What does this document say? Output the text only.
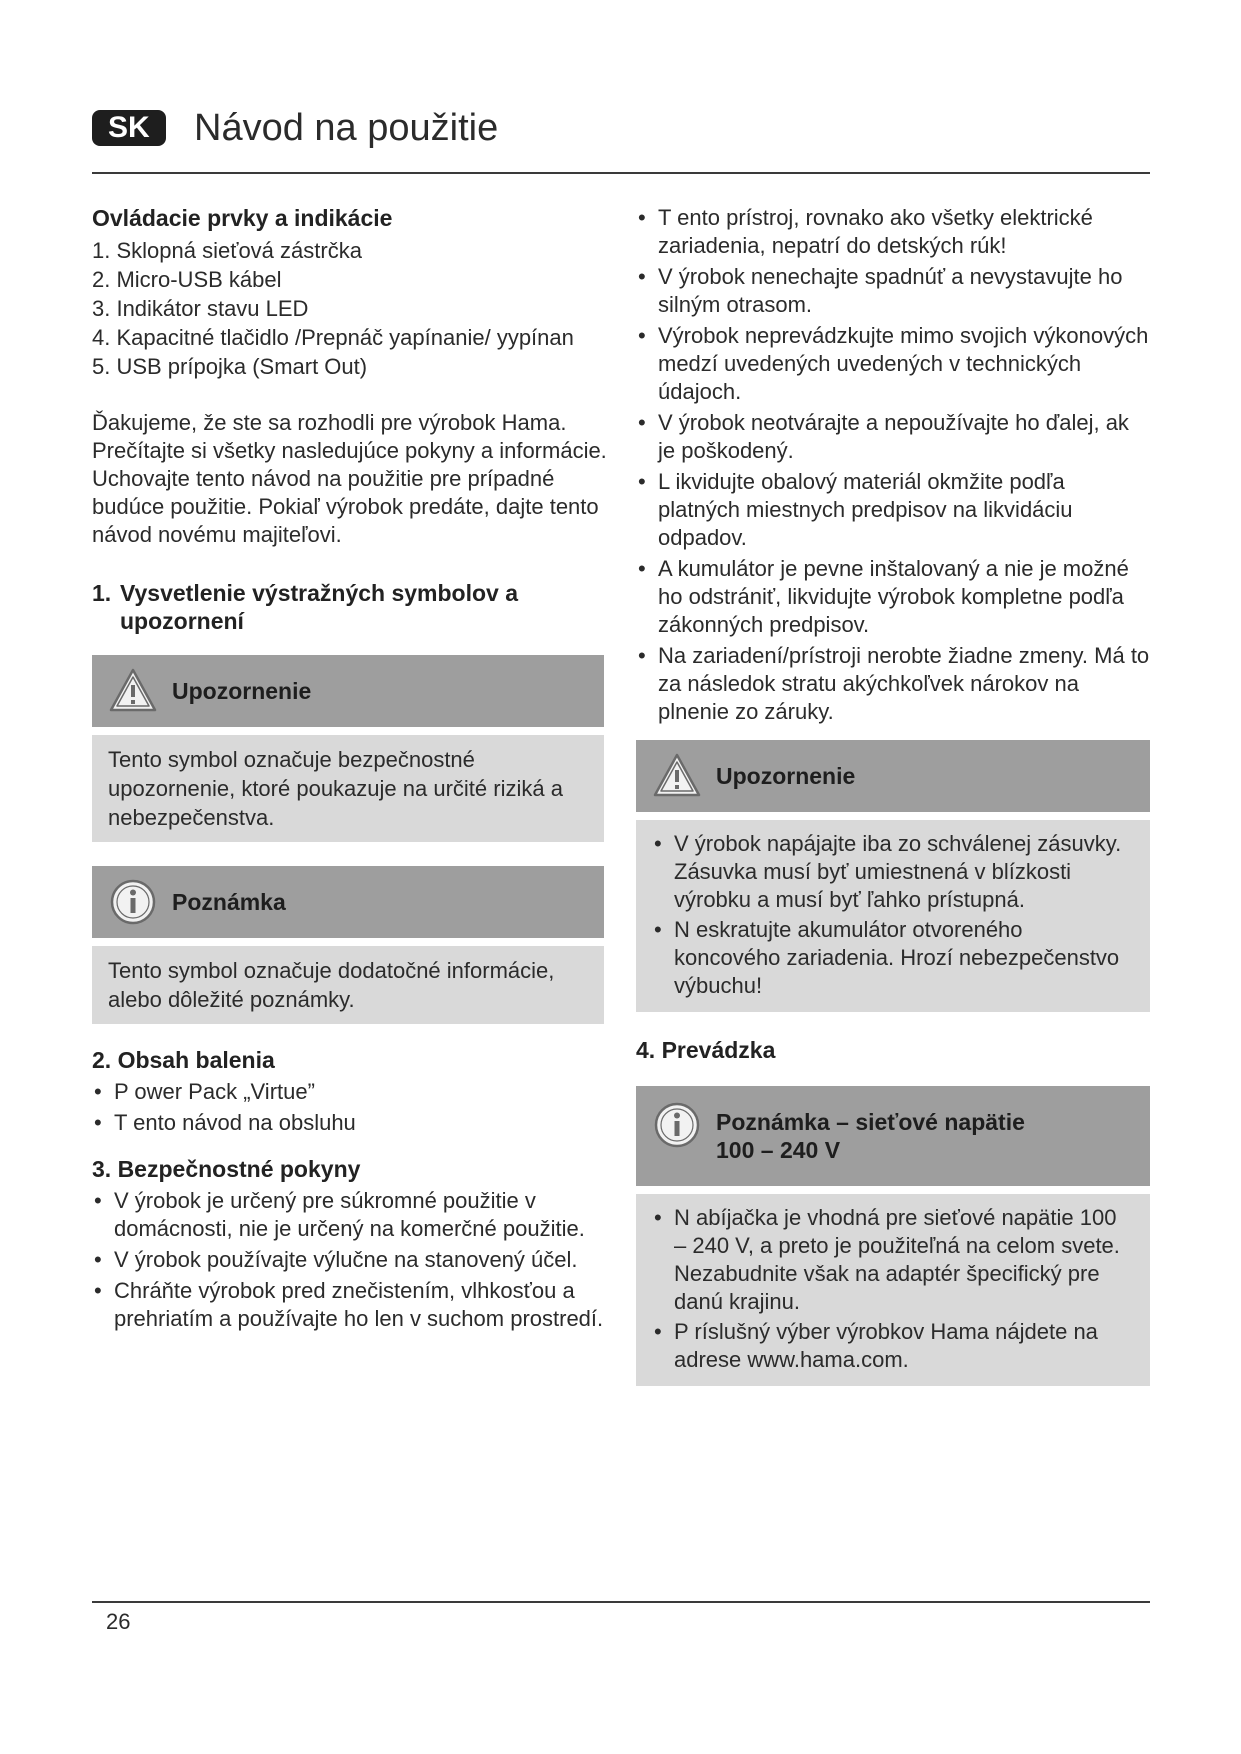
SK	Návod na použitie
Ovládacie prvky a indikácie
1. Sklopná sieťová zástrčka
2. Micro-USB kábel
3. Indikátor stavu LED
4. Kapacitné tlačidlo /Prepnáč yapínanie/ yypínan
5. USB prípojka (Smart Out)

Ďakujeme, že ste sa rozhodli pre výrobok Hama. Prečítajte si všetky nasledujúce pokyny a informácie. Uchovajte tento návod na použitie pre prípadné budúce použitie. Pokiaľ výrobok predáte, dajte tento návod novému majiteľovi.

1. Vysvetlenie výstražných symbolov a upozornení
Upozornenie
Tento symbol označuje bezpečnostné upozornenie, ktoré poukazuje na určité riziká a nebezpečenstva.
Poznámka
Tento symbol označuje dodatočné informácie, alebo dôležité poznámky.
2. Obsah balenia
• P ower Pack „Virtue”
• T ento návod na obsluhu
3. Bezpečnostné pokyny
• V ýrobok je určený pre súkromné použitie v domácnosti, nie je určený na komerčné použitie.
• V ýrobok používajte výlučne na stanovený účel.
• Chráňte výrobok pred znečistením, vlhkosťou a prehriatím a používajte ho len v suchom prostredí.
• T ento prístroj, rovnako ako všetky elektrické zariadenia, nepatrí do detských rúk!
• V ýrobok nenechajte spadnúť a nevystavujte ho silným otrasom.
• Výrobok neprevádzkujte mimo svojich výkonových medzí uvedených uvedených v technických údajoch.
• V ýrobok neotvárajte a nepoužívajte ho ďalej, ak je poškodený.
• L ikvidujte obalový materiál okmžite podľa platných miestnych predpisov na likvidáciu odpadov.
• A kumulátor je pevne inštalovaný a nie je možné ho odstrániť, likvidujte výrobok kompletne podľa zákonných predpisov.
• Na zariadení/prístroji nerobte žiadne zmeny. Má to za následok stratu akýchkoľvek nárokov na plnenie zo záruky.
Upozornenie
• V ýrobok napájajte iba zo schválenej zásuvky. Zásuvka musí byť umiestnená v blízkosti výrobku a musí byť ľahko prístupná.
• N eskratujte akumulátor otvoreného koncového zariadenia. Hrozí nebezpečenstvo výbuchu!
4. Prevádzka
Poznámka – sieťové napätie
100 – 240 V
• N abíjačka je vhodná pre sieťové napätie 100 – 240 V, a preto je použiteľná na celom svete. Nezabudnite však na adaptér špecifický pre danú krajinu.
• P ríslušný výber výrobkov Hama nájdete na adrese www.hama.com.
26
